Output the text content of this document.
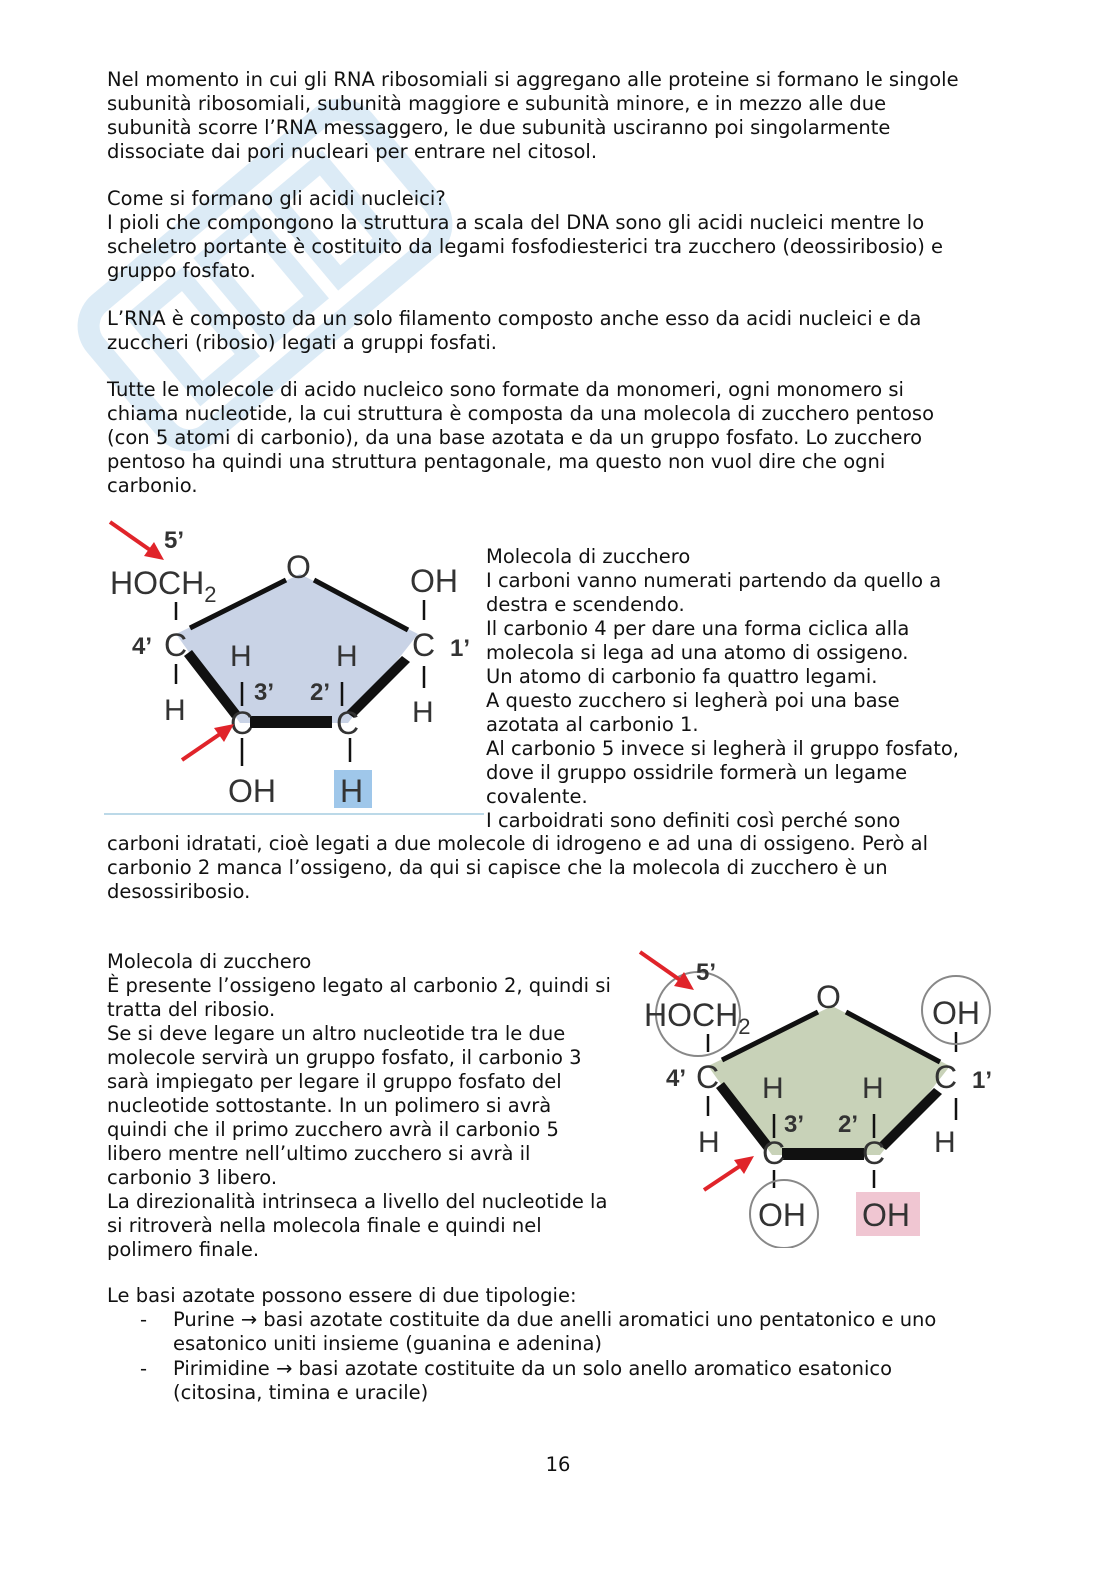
Nel momento in cui gli RNA ribosomiali si aggregano alle proteine si formano le singole
subunità ribosomiali, subunità maggiore e subunità minore, e in mezzo alle due
subunità scorre l’RNA messaggero, le due subunità usciranno poi singolarmente
dissociate dai pori nucleari per entrare nel citosol.

Come si formano gli acidi nucleici?
I pioli che compongono la struttura a scala del DNA sono gli acidi nucleici mentre lo
scheletro portante è costituito da legami fosfodiesterici tra zucchero (deossiribosio) e
gruppo fosfato.

L’RNA è composto da un solo filamento composto anche esso da acidi nucleici e da
zuccheri (ribosio) legati a gruppi fosfati.

Tutte le molecole di acido nucleico sono formate da monomeri, ogni monomero si
chiama nucleotide, la cui struttura è composta da una molecola di zucchero pentoso
(con 5 atomi di carbonio), da una base azotata e da un gruppo fosfato. Lo zucchero
pentoso ha quindi una struttura pentagonale, ma questo non vuol dire che ogni
carbonio.

5’
$HOCH_2$
O	OH
4’ C	C 1’
H	H
3’ 2’
H	H
C	C
OH H

Molecola di zucchero
I carboni vanno numerati partendo da quello a
destra e scendendo.
Il carbonio 4 per dare una forma ciclica alla
molecola si lega ad una atomo di ossigeno.
Un atomo di carbonio fa quattro legami.
A questo zucchero si legherà poi una base
azotata al carbonio 1.
Al carbonio 5 invece si legherà il gruppo fosfato,
dove il gruppo ossidrile formerà un legame
covalente.
I carboidrati sono definiti così perché sono

carboni idratati, cioè legati a due molecole di idrogeno e ad una di ossigeno. Però al
carbonio 2 manca l’ossigeno, da qui si capisce che la molecola di zucchero è un
desossiribosio.

Molecola di zucchero
È presente l’ossigeno legato al carbonio 2, quindi si
tratta del ribosio.
Se si deve legare un altro nucleotide tra le due
molecole servirà un gruppo fosfato, il carbonio 3
sarà impiegato per legare il gruppo fosfato del
nucleotide sottostante. In un polimero si avrà
quindi che il primo zucchero avrà il carbonio 5
libero mentre nell’ultimo zucchero si avrà il
carbonio 3 libero.
La direzionalità intrinseca a livello del nucleotide la
si ritroverà nella molecola finale e quindi nel
polimero finale.

5’
$HOCH_2$
O	OH
4’ C	C 1’
H	H
3’ 2’
H	H
C C
OH OH

Le basi azotate possono essere di due tipologie:

- Purine → basi azotate costituite da due anelli aromatici uno pentatonico e uno
esatonico uniti insieme (guanina e adenina)
- Pirimidine → basi azotate costituite da un solo anello aromatico esatonico
(citosina, timina e uracile)
16
